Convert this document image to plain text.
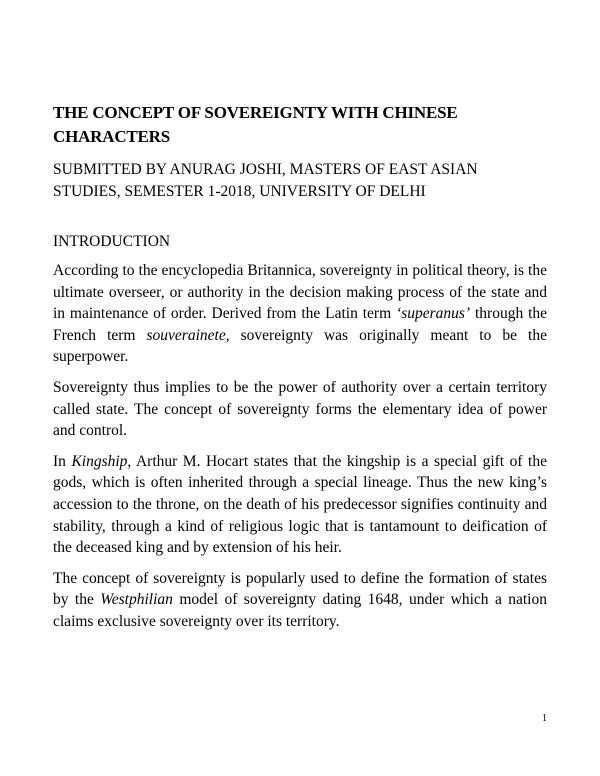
THE CONCEPT OF SOVEREIGNTY WITH CHINESE CHARACTERS
SUBMITTED BY ANURAG JOSHI, MASTERS OF EAST ASIAN STUDIES, SEMESTER 1-2018, UNIVERSITY OF DELHI
INTRODUCTION

According to the encyclopedia Britannica, sovereignty in political theory, is the ultimate overseer, or authority in the decision making process of the state and in maintenance of order. Derived from the Latin term ‘superanus’ through the French term souverainete, sovereignty was originally meant to be the superpower.

Sovereignty thus implies to be the power of authority over a certain territory called state. The concept of sovereignty forms the elementary idea of power and control.

In Kingship, Arthur M. Hocart states that the kingship is a special gift of the gods, which is often inherited through a special lineage. Thus the new king’s accession to the throne, on the death of his predecessor signifies continuity and stability, through a kind of religious logic that is tantamount to deification of the deceased king and by extension of his heir.

The concept of sovereignty is popularly used to define the formation of states by the Westphilian model of sovereignty dating 1648, under which a nation claims exclusive sovereignty over its territory.

1
